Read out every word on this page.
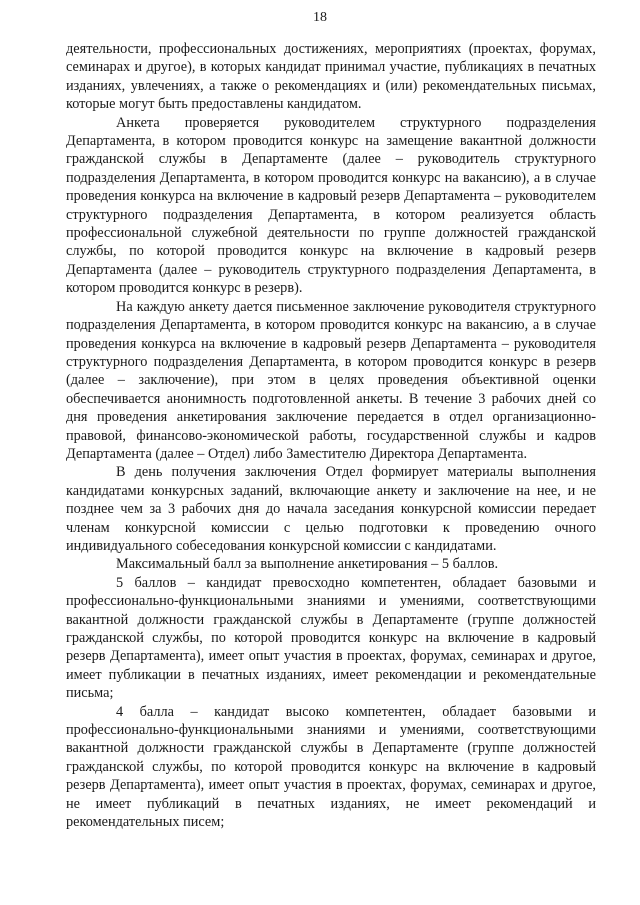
18

деятельности, профессиональных достижениях, мероприятиях (проектах, форумах, семинарах и другое), в которых кандидат принимал участие, публикациях в печатных изданиях, увлечениях, а также о рекомендациях и (или) рекомендательных письмах, которые могут быть предоставлены кандидатом.

Анкета проверяется руководителем структурного подразделения Департамента, в котором проводится конкурс на замещение вакантной должности гражданской службы в Департаменте (далее – руководитель структурного подразделения Департамента, в котором проводится конкурс на вакансию), а в случае проведения конкурса на включение в кадровый резерв Департамента – руководителем структурного подразделения Департамента, в котором реализуется область профессиональной служебной деятельности по группе должностей гражданской службы, по которой проводится конкурс на включение в кадровый резерв Департамента (далее – руководитель структурного подразделения Департамента, в котором проводится конкурс в резерв).

На каждую анкету дается письменное заключение руководителя структурного подразделения Департамента, в котором проводится конкурс на вакансию, а в случае проведения конкурса на включение в кадровый резерв Департамента – руководителя структурного подразделения Департамента, в котором проводится конкурс в резерв (далее – заключение), при этом в целях проведения объективной оценки обеспечивается анонимность подготовленной анкеты. В течение 3 рабочих дней со дня проведения анкетирования заключение передается в отдел организационно-правовой, финансово-экономической работы, государственной службы и кадров Департамента (далее – Отдел) либо Заместителю Директора Департамента.

В день получения заключения Отдел формирует материалы выполнения кандидатами конкурсных заданий, включающие анкету и заключение на нее, и не позднее чем за 3 рабочих дня до начала заседания конкурсной комиссии передает членам конкурсной комиссии с целью подготовки к проведению очного индивидуального собеседования конкурсной комиссии с кандидатами.

Максимальный балл за выполнение анкетирования – 5 баллов.

5 баллов – кандидат превосходно компетентен, обладает базовыми и профессионально-функциональными знаниями и умениями, соответствующими вакантной должности гражданской службы в Департаменте (группе должностей гражданской службы, по которой проводится конкурс на включение в кадровый резерв Департамента), имеет опыт участия в проектах, форумах, семинарах и другое, имеет публикации в печатных изданиях, имеет рекомендации и рекомендательные письма;

4 балла – кандидат высоко компетентен, обладает базовыми и профессионально-функциональными знаниями и умениями, соответствующими вакантной должности гражданской службы в Департаменте (группе должностей гражданской службы, по которой проводится конкурс на включение в кадровый резерв Департамента), имеет опыт участия в проектах, форумах, семинарах и другое, не имеет публикаций в печатных изданиях, не имеет рекомендаций и рекомендательных писем;
